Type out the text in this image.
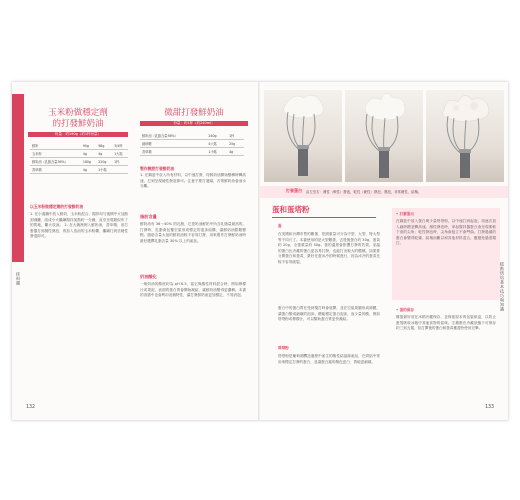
抹料醬
玉米粉做穩定劑
的打發鮮奶油
份量：約190g（約1杯份量）
鮮奶	90g	98g	3/4杯
玉米粉	4g	4g	1大匙
鮮奶油（乳脂含量36%）	180g	220g	1杯
香草精	4g	1小匙	
以玉米粉做穩定劑的打發鮮奶油
1. 在小湯鍋中放入鮮奶，玉米粉混合，攪拌均勻後開中火加熱到沸騰，改成小火繼續攪拌加熱約一分鐘，直至呈現類似布丁的質地，離火放涼。 2. 在大碗裡倒入鮮奶油，香草精，用打蛋器打到濕性發泡，再加入放涼的玉米粉糊，繼續打到呈硬性發泡即可。
微甜打發鮮奶油
份量：約1杯（約240ml）
鮮奶油（乳脂含量36%）	240g	1杯
細砂糖	4大匙	25g
香草精	1小匙	4g
製作微甜打發鮮奶油
1. 在鋼盆中放入所有材料，以中速打發，待鮮奶油開始變稠時轉高速，打到呈現硬性發泡即可。注意不要打過頭，否則鮮奶油會油水分離。
脂肪含量
鮮奶油有 36～40% 的乳脂，它是奶油鮮奶中所含乳脂量最高的。打發時，乳脂會包覆空氣形成穩定的泡沫結構，讓鮮奶油膨脹變輕。脂肪含量太低的鮮奶油較不容易打發，用來製作打發鮮奶油時最好選擇乳脂含量 30% 以上的產品。
奶油酸化
一般奶油的酸度約為 pH 6.5，當它與酸性材料混合時，例如檸檬汁或果泥，表面的蛋白質會開始凝結，讓鮮奶油變得更濃稠。本書的食譜中也會利用這個特性，讓打發鮮奶油更加穩定，不易消泡。
132
打發蛋白 由左至右：濕性（軟性）發泡，乾性（硬性）發泡，發泡，非常硬性，結塊。
蛋和蛋塔粉
蛋
在美國和台灣市售的雞蛋，依照重量可分為中型、大型、特大型等不同尺寸。本書使用的是大型雞蛋，去殼後蛋白約 30g，蛋黃約 20g，全蛋重量約 50g。蛋的溫度會影響打發的效果，室溫的蛋白比冷藏的蛋白更容易打發，也能打出較大的體積。如果要分開蛋白和蛋黃，最好在蛋冰冷的時候進行，因為冰冷的蛋黃比較不容易破裂。
蛋白中的蛋白質在受到攪打時會展開，並在空氣周圍形成薄膜，讓蛋白變成細緻的泡沫。糖能穩定蛋白泡沫，而少量的酸，例如塔塔粉或檸檬汁，可以幫助蛋白質更快凝結。
塔塔粉
塔塔粉是葡萄酒釀造過程中產生的酸性結晶副產品，在烘焙中常用來穩定打發的蛋白，並讓蛋白霜的顏色更白、質地更細緻。
• 打發蛋白
在鋼盆中放入蛋白與少量塔塔粉，以中速打到起泡，再逐次加入細砂糖並轉高速。濕性發泡時，拿起攪拌器蛋白會呈現柔軟下垂的尖角；乾性發泡時，尖角會挺立不會彎曲。打發過頭的蛋白會變得乾燥、結塊而難以和其他材料混合，應避免過度攪打。
• 蛋的保存
雞蛋最好放在冰箱冷藏保存，並保留原本的包裝紙盒，以防止蛋殼吸收冰箱中其他食物的氣味。生雞蛋在冷藏狀態下可保存約三到五週，但打開後的蛋白和蛋黃應盡快使用完畢。
糕點烘焙基本技巧與知識
133
